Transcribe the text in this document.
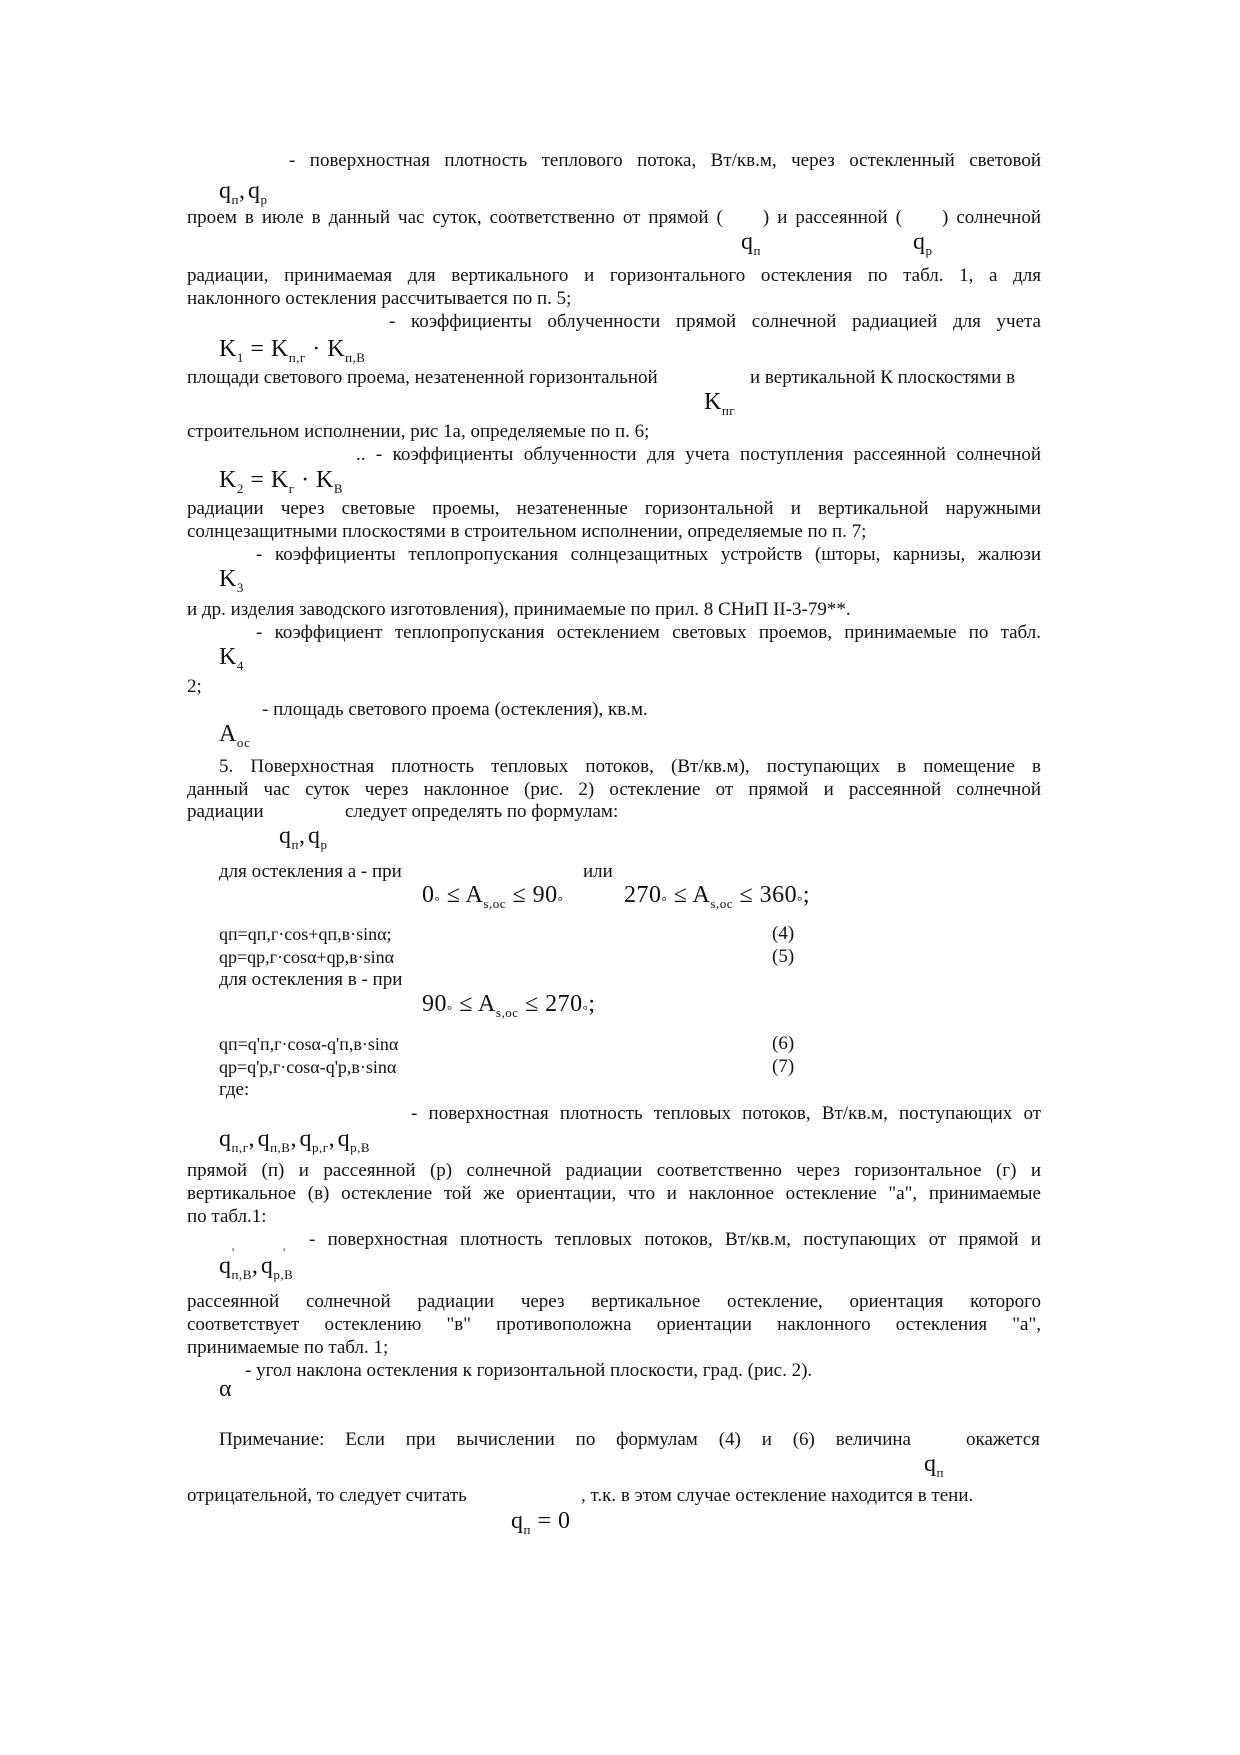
- поверхностная плотность теплового потока, Вт/кв.м, через остекленный световой
$q_п$, $q_р$
проем в июле в данный час суток, соответственно от прямой (     ) и рассеянной (     ) солнечной
$q_п$	$q_р$
радиации, принимаемая для вертикального и горизонтального остекления по табл. 1, а для
наклонного остекления рассчитывается по п. 5;
- коэффициенты облученности прямой солнечной радиацией для учета
$K_1 = K_{п,г} \cdot K_{п,В}$
площади светового проема, незатененной горизонтальной	и вертикальной К плоскостями в
$K_{пг}$
строительном исполнении, рис 1а, определяемые по п. 6;
.. - коэффициенты облученности для учета поступления рассеянной солнечной
$K_2 = K_г \cdot K_В$
радиации через световые проемы, незатененные горизонтальной и вертикальной наружными
солнцезащитными плоскостями в строительном исполнении, определяемые по п. 7;
- коэффициенты теплопропускания солнцезащитных устройств (шторы, карнизы, жалюзи
$K_3$
и др. изделия заводского изготовления), принимаемые по прил. 8 СНиП II-3-79**.
- коэффициент теплопропускания остеклением световых проемов, принимаемые по табл.
$K_4$
2;
- площадь светового проема (остекления), кв.м.
$A_{ос}$
5. Поверхностная плотность тепловых потоков, (Вт/кв.м), поступающих в помещение в
данный час суток через наклонное (рис. 2) остекление от прямой и рассеянной солнечной
радиации	следует определять по формулам:
$q_п$, $q_р$
для остекления а - при	или
$0^\circ \le A_{s,oc} \le 90^\circ$	$270^\circ \le A_{s,oc} \le 360^\circ$;
qп=qп,г·cos+qп,в·sinα;	(4)
qр=qр,г·cosα+qр,в·sinα	(5)
для остекления в - при
$90^\circ \le A_{s,oc} \le 270^\circ$;
qп=q'п,г·cosα-q'п,в·sinα	(6)
qр=q'р,г·cosα-q'р,в·sinα	(7)
где:
- поверхностная плотность тепловых потоков, Вт/кв.м, поступающих от
$q_{п,г}$, $q_{п,В}$, $q_{р,г}$, $q_{р,В}$
прямой (п) и рассеянной (р) солнечной радиации соответственно через горизонтальное (г) и
вертикальное (в) остекление той же ориентации, что и наклонное остекление "а", принимаемые
по табл.1:
- поверхностная плотность тепловых потоков, Вт/кв.м, поступающих от прямой и
'	'
$q_{п,В}$, $q_{р,В}$
рассеянной солнечной радиации через вертикальное остекление, ориентация которого
соответствует остеклению "в" противоположна ориентации наклонного остекления "а",
принимаемые по табл. 1;
- угол наклона остекления к горизонтальной плоскости, град. (рис. 2).
α
Примечание: Если при вычислении по формулам (4) и (6) величина	окажется
$q_п$
отрицательной, то следует считать	, т.к. в этом случае остекление находится в тени.
$q_п = 0$
